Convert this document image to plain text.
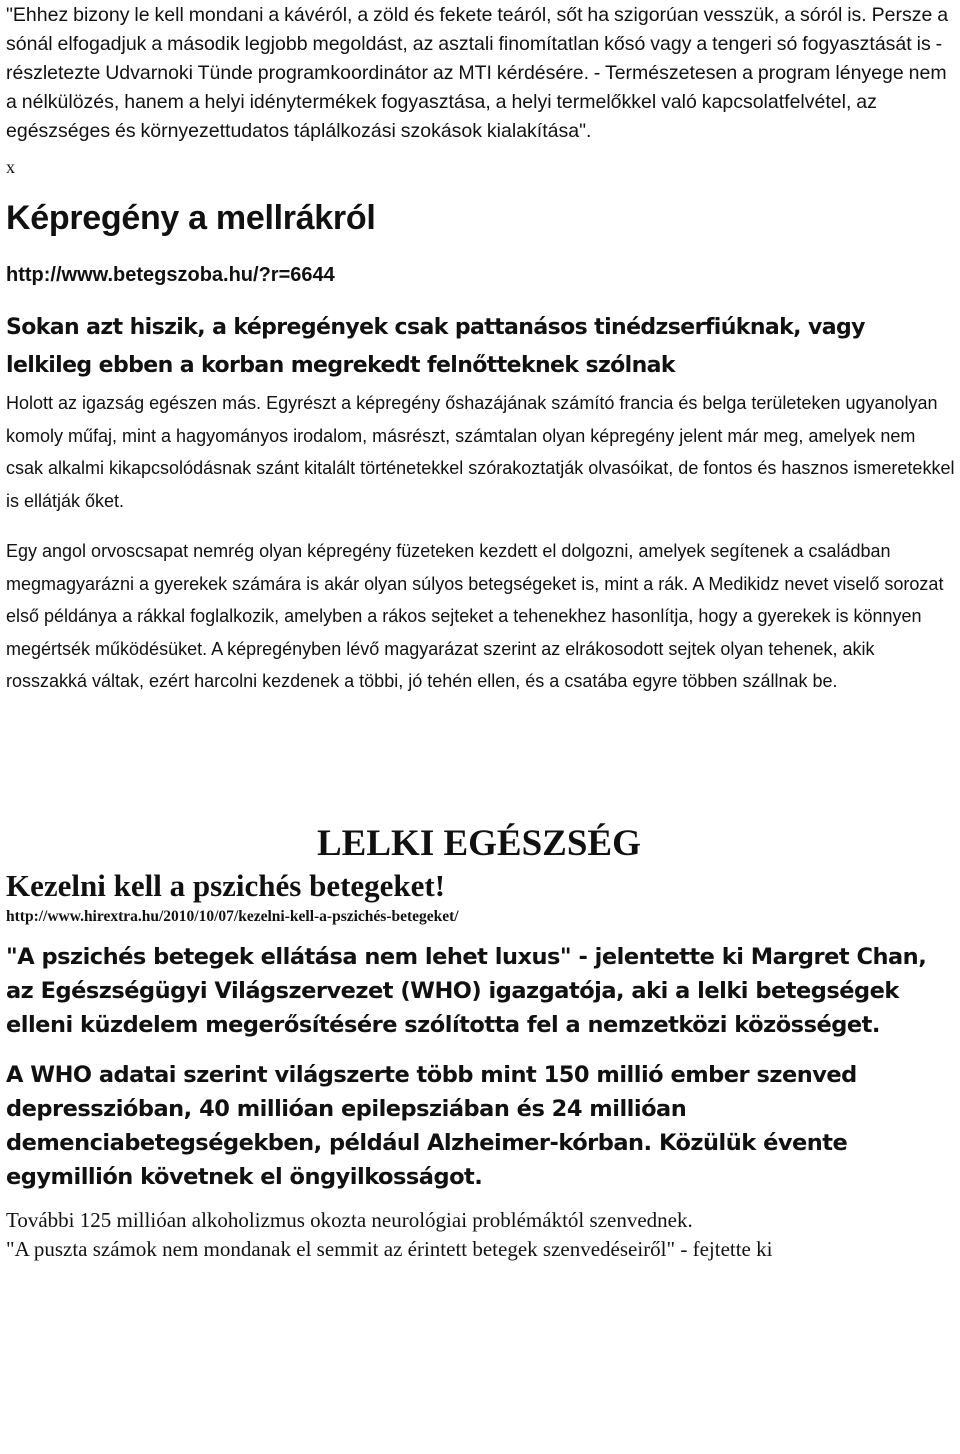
"Ehhez bizony le kell mondani a kávéról, a zöld és fekete teáról, sőt ha szigorúan vesszük, a sóról is. Persze a sónál elfogadjuk a második legjobb megoldást, az asztali finomítatlan kősó vagy a tengeri só fogyasztását is - részletezte Udvarnoki Tünde programkoordinátor az MTI kérdésére. - Természetesen a program lényege nem a nélkülözés, hanem a helyi idénytermékek fogyasztása, a helyi termelőkkel való kapcsolatfelvétel, az egészséges és környezettudatos táplálkozási szokások kialakítása".

x

Képregény a mellrákról

http://www.betegszoba.hu/?r=6644

Sokan azt hiszik, a képregények csak pattanásos tinédzserfiúknak, vagy lelkileg ebben a korban megrekedt felnőtteknek szólnak

Holott az igazság egészen más. Egyrészt a képregény őshazájának számító francia és belga területeken ugyanolyan komoly műfaj, mint a hagyományos irodalom, másrészt, számtalan olyan képregény jelent már meg, amelyek nem csak alkalmi kikapcsolódásnak szánt kitalált történetekkel szórakoztatják olvasóikat, de fontos és hasznos ismeretekkel is ellátják őket.

Egy angol orvoscsapat nemrég olyan képregény füzeteken kezdett el dolgozni, amelyek segítenek a családban megmagyarázni a gyerekek számára is akár olyan súlyos betegségeket is, mint a rák. A Medikidz nevet viselő sorozat első példánya a rákkal foglalkozik, amelyben a rákos sejteket a tehenekhez hasonlítja, hogy a gyerekek is könnyen megértsék működésüket. A képregényben lévő magyarázat szerint az elrákosodott sejtek olyan tehenek, akik rosszakká váltak, ezért harcolni kezdenek a többi, jó tehén ellen, és a csatába egyre többen szállnak be.

LELKI EGÉSZSÉG
Kezelni kell a pszichés betegeket!

http://www.hirextra.hu/2010/10/07/kezelni-kell-a-pszichés-betegeket/

"A pszichés betegek ellátása nem lehet luxus" - jelentette ki Margret Chan, az Egészségügyi Világszervezet (WHO) igazgatója, aki a lelki betegségek elleni küzdelem megerősítésére szólította fel a nemzetközi közösséget.

A WHO adatai szerint világszerte több mint 150 millió ember szenved depresszióban, 40 millióan epilepsziában és 24 millióan demenciabetegségekben, például Alzheimer-kórban. Közülük évente egymillión követnek el öngyilkosságot.

További 125 millióan alkoholizmus okozta neurológiai problémáktól szenvednek.
"A puszta számok nem mondanak el semmit az érintett betegek szenvedéseiről" - fejtette ki
